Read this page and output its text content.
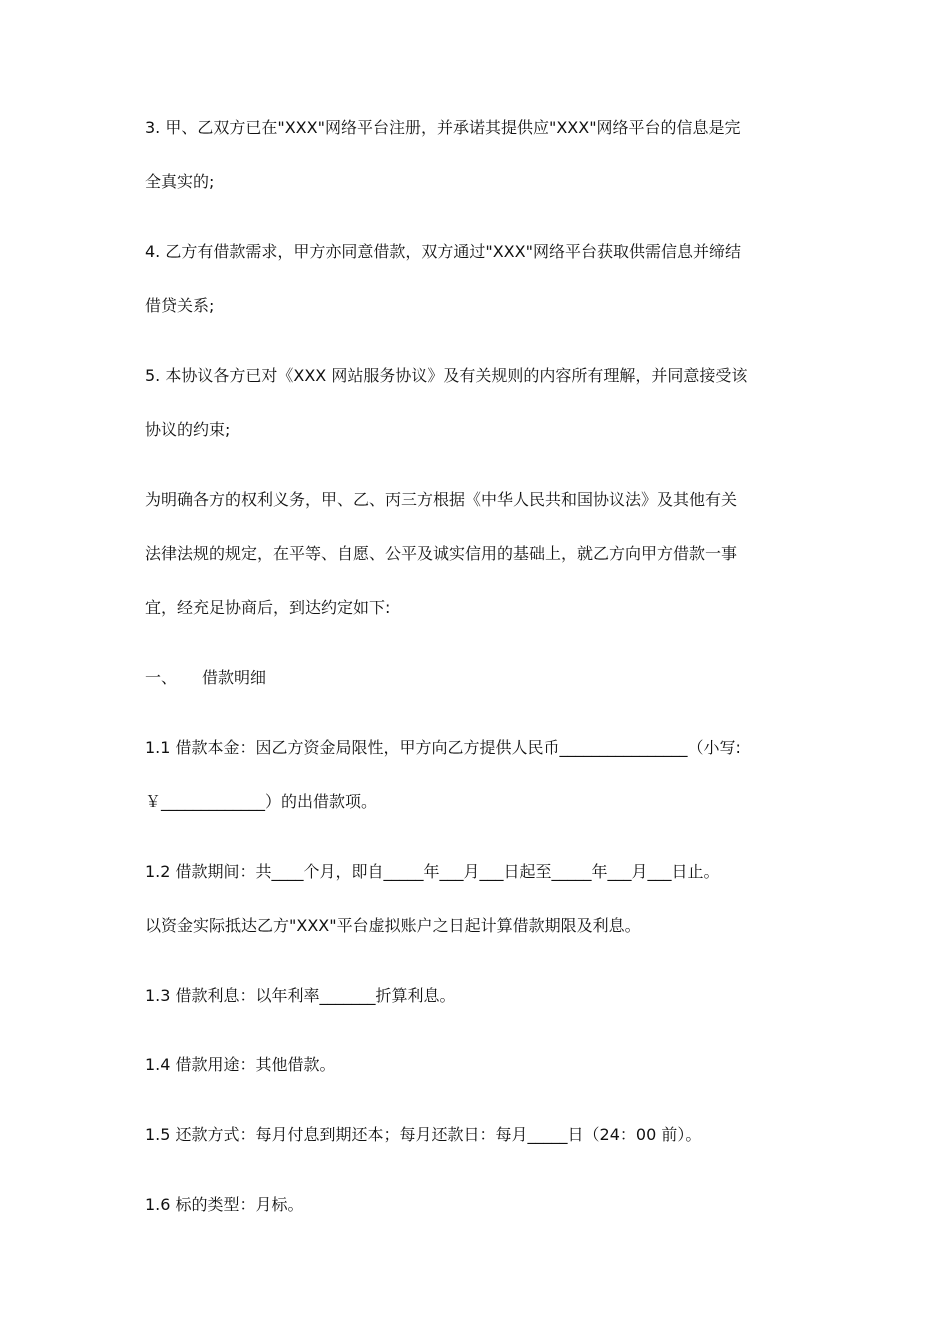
3. 甲、乙双方已在"XXX"网络平台注册，并承诺其提供应"XXX"网络平台的信息是完
全真实的;
4. 乙方有借款需求，甲方亦同意借款，双方通过"XXX"网络平台获取供需信息并缔结
借贷关系;
5. 本协议各方已对《XXX 网站服务协议》及有关规则的内容所有理解，并同意接受该
协议的约束;
为明确各方的权利义务，甲、乙、丙三方根据《中华人民共和国协议法》及其他有关
法律法规的规定，在平等、自愿、公平及诚实信用的基础上，就乙方向甲方借款一事
宜，经充足协商后，到达约定如下:
一、 借款明细
1.1 借款本金：因乙方资金局限性，甲方向乙方提供人民币________________（小写:
￥_____________）的出借款项。
1.2 借款期间：共____个月，即自_____年___月___日起至_____年___月___日止。
以资金实际抵达乙方"XXX"平台虚拟账户之日起计算借款期限及利息。
1.3 借款利息：以年利率_______折算利息。
1.4 借款用途：其他借款。
1.5 还款方式：每月付息到期还本；每月还款日：每月_____日（24：00 前）。
1.6 标的类型：月标。
